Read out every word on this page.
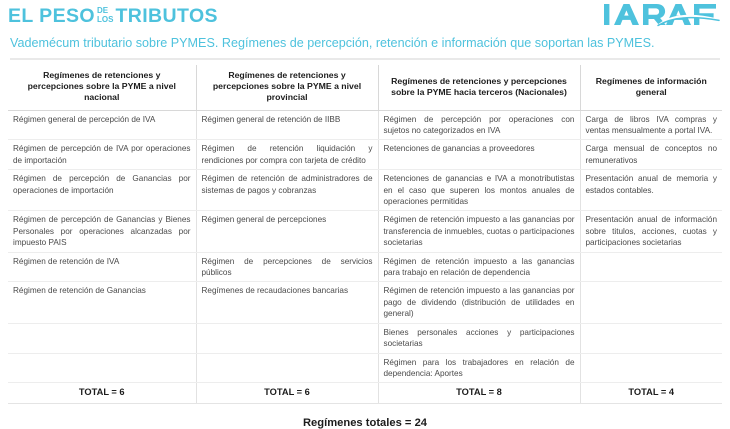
EL PESO DE
LOS TRIBUTOS
Vademécum tributario sobre PYMES. Regímenes de percepción, retención e información que soportan las PYMES.
Regímenes de retenciones y percepciones sobre la PYME a nivel nacional	Regímenes de retenciones y percepciones sobre la PYME a nivel provincial	Regímenes de retenciones y percepciones sobre la PYME hacia terceros (Nacionales)	Regímenes de información general
Régimen general de percepción de IVA	Régimen general de retención de IIBB	Régimen de percepción por operaciones con sujetos no categorizados en IVA	Carga de libros IVA compras y ventas mensualmente a portal IVA.
Régimen de percepción de IVA por operaciones de importación	Régimen de retención liquidación y rendiciones por compra con tarjeta de crédito	Retenciones de ganancias a proveedores	Carga mensual de conceptos no remunerativos
Régimen de percepción de Ganancias por operaciones de importación	Régimen de retención de administradores de sistemas de pagos y cobranzas	Retenciones de ganancias e IVA a monotributistas en el caso que superen los montos anuales de operaciones permitidas	Presentación anual de memoria y estados contables.
Régimen de percepción de Ganancias y Bienes Personales por operaciones alcanzadas por impuesto PAIS	Régimen general de percepciones	Régimen de retención impuesto a las ganancias por transferencia de inmuebles, cuotas o participaciones societarias	Presentación anual de información sobre titulos, acciones, cuotas y participaciones societarias
Régimen de retención de IVA	Régimen de percepciones de servicios públicos	Régimen de retención impuesto a las ganancias para trabajo en relación de dependencia	
Régimen de retención de Ganancias	Regímenes de recaudaciones bancarias	Régimen de retención impuesto a las ganancias por pago de dividendo (distribución de utilidades en general)	
		Bienes personales acciones y participaciones societarias	
		Régimen para los trabajadores en relación de dependencia: Aportes	
TOTAL = 6	TOTAL = 6	TOTAL = 8	TOTAL = 4
Regímenes totales = 24
